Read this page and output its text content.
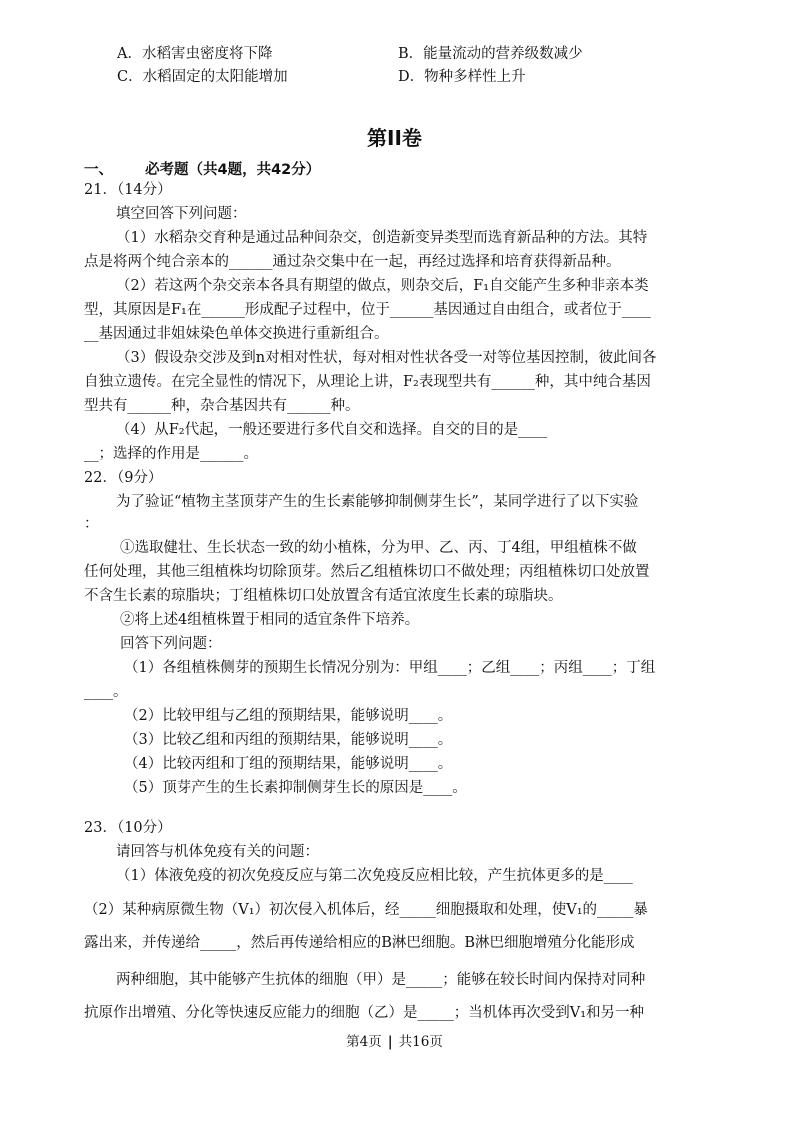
A．水稻害虫密度将下降	B．能量流动的营养级数减少
C．水稻固定的太阳能增加	D．物种多样性上升
第II卷
一、 必考题（共4题，共42分）
21．（14分）
填空回答下列问题：
（1）水稻杂交育种是通过品种间杂交，创造新变异类型而选育新品种的方法。其特
点是将两个纯合亲本的______通过杂交集中在一起，再经过选择和培育获得新品种。
（2）若这两个杂交亲本各具有期望的做点，则杂交后，F₁自交能产生多种非亲本类
型，其原因是F₁在______形成配子过程中，位于______基因通过自由组合，或者位于____
__基因通过非姐妹染色单体交换进行重新组合。
（3）假设杂交涉及到n对相对性状，每对相对性状各受一对等位基因控制，彼此间各
自独立遗传。在完全显性的情况下，从理论上讲，F₂表现型共有______种，其中纯合基因
型共有______种，杂合基因共有______种。
（4）从F₂代起，一般还要进行多代自交和选择。自交的目的是____
__；选择的作用是______。
22．（9分）
为了验证“植物主茎顶芽产生的生长素能够抑制侧芽生长”，某同学进行了以下实验
：
①选取健壮、生长状态一致的幼小植株，分为甲、乙、丙、丁4组，甲组植株不做
任何处理，其他三组植株均切除顶芽。然后乙组植株切口不做处理；丙组植株切口处放置
不含生长素的琼脂块；丁组植株切口处放置含有适宜浓度生长素的琼脂块。
②将上述4组植株置于相同的适宜条件下培养。
回答下列问题：
（1）各组植株侧芽的预期生长情况分别为：甲组____；乙组____；丙组____；丁组
____。
（2）比较甲组与乙组的预期结果，能够说明____。
（3）比较乙组和丙组的预期结果，能够说明____。
（4）比较丙组和丁组的预期结果，能够说明____。
（5）顶芽产生的生长素抑制侧芽生长的原因是____。
23．（10分）
请回答与机体免疫有关的问题：
（1）体液免疫的初次免疫反应与第二次免疫反应相比较，产生抗体更多的是____
（2）某种病原微生物（V₁）初次侵入机体后，经_____细胞摄取和处理，使V₁的_____暴
露出来，并传递给_____，然后再传递给相应的B淋巴细胞。B淋巴细胞增殖分化能形成
两种细胞，其中能够产生抗体的细胞（甲）是_____；能够在较长时间内保持对同种
抗原作出增殖、分化等快速反应能力的细胞（乙）是_____；当机体再次受到V₁和另一种
第4页 | 共16页
